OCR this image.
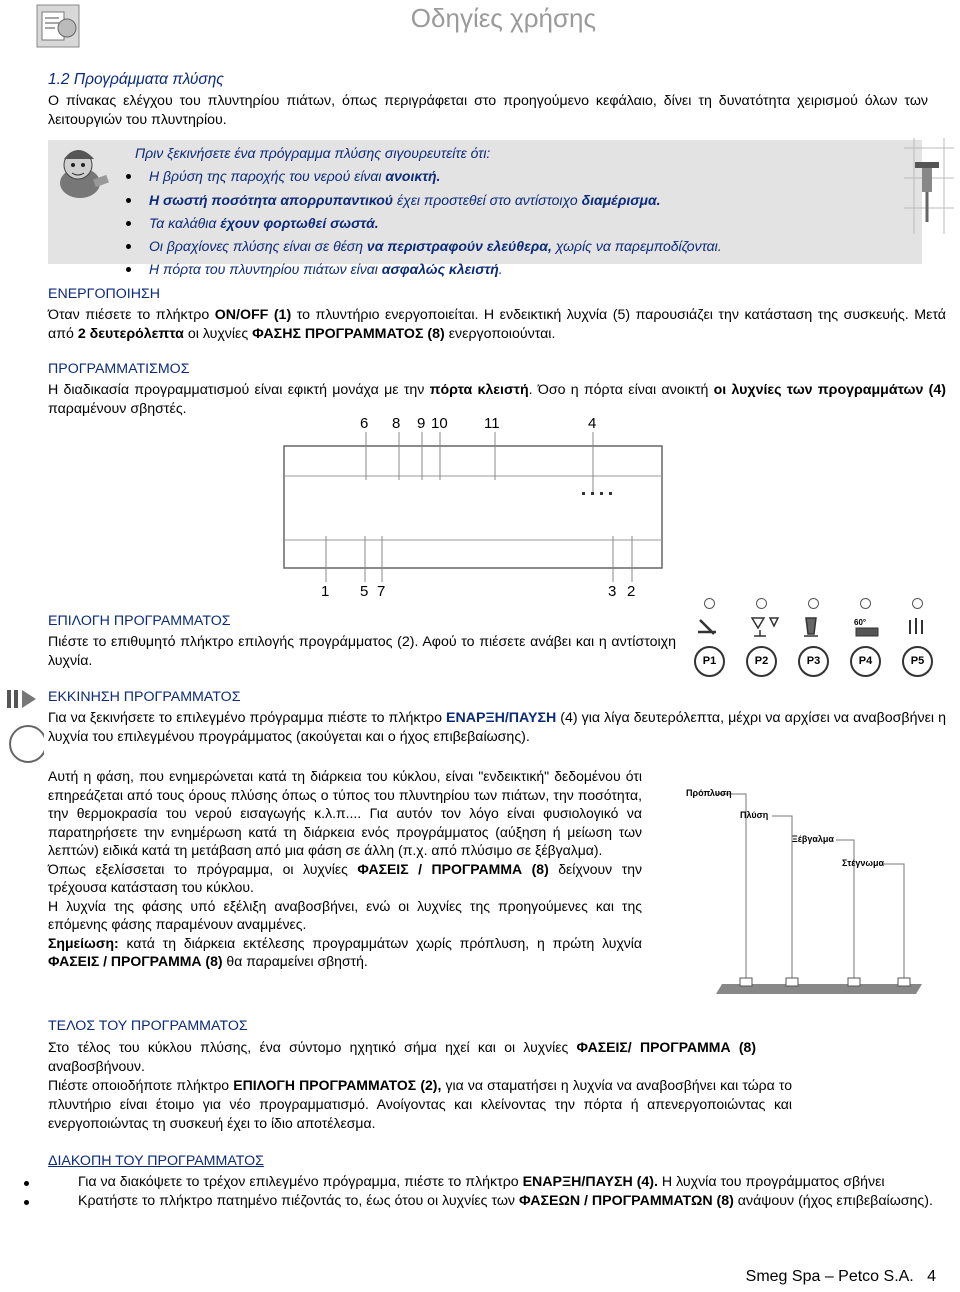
Οδηγίες χρήσης
1.2 Προγράμματα πλύσης

Ο πίνακας ελέγχου του πλυντηρίου πιάτων, όπως περιγράφεται στο προηγούμενο κεφάλαιο, δίνει τη δυνατότητα χειρισμού όλων των λειτουργιών του πλυντηρίου.

Πριν ξεκινήσετε ένα πρόγραμμα πλύσης σιγουρευτείτε ότι:
Η βρύση της παροχής του νερού είναι ανοικτή.
Η σωστή ποσότητα απορρυπαντικού έχει προστεθεί στο αντίστοιχο διαμέρισμα.
Τα καλάθια έχουν φορτωθεί σωστά.
Οι βραχίονες πλύσης είναι σε θέση να περιστραφούν ελεύθερα, χωρίς να παρεμποδίζονται.
Η πόρτα του πλυντηρίου πιάτων είναι ασφαλώς κλειστή.
ΕΝΕΡΓΟΠΟΙΗΣΗ

Όταν πιέσετε το πλήκτρο ON/OFF (1) το πλυντήριο ενεργοποιείται. Η ενδεικτική λυχνία (5) παρουσιάζει την κατάσταση της συσκευής. Μετά από 2 δευτερόλεπτα οι λυχνίες ΦΑΣΗΣ ΠΡΟΓΡΑΜΜΑΤΟΣ (8) ενεργοποιούνται.

ΠΡΟΓΡΑΜΜΑΤΙΣΜΟΣ

Η διαδικασία προγραμματισμού είναι εφικτή μονάχα με την πόρτα κλειστή. Όσο η πόρτα είναι ανοικτή οι λυχνίες των προγραμμάτων (4) παραμένουν σβηστές.

6 8 9 10 11	4
1 5 7	3 2
ΕΠΙΛΟΓΗ ΠΡΟΓΡΑΜΜΑΤΟΣ

Πιέστε το επιθυμητό πλήκτρο επιλογής προγράμματος (2). Αφού το πιέσετε ανάβει και η αντίστοιχη λυχνία.

60°
P1	P2	P3	P4	P5
ΕΚΚΙΝΗΣΗ ΠΡΟΓΡΑΜΜΑΤΟΣ

Για να ξεκινήσετε το επιλεγμένο πρόγραμμα πιέστε το πλήκτρο ΕΝΑΡΞΗ/ΠΑΥΣΗ (4) για λίγα δευτερόλεπτα, μέχρι να αρχίσει να αναβοσβήνει η λυχνία του επιλεγμένου προγράμματος (ακούγεται και ο ήχος επιβεβαίωσης).

Αυτή η φάση, που ενημερώνεται κατά τη διάρκεια του κύκλου, είναι "ενδεικτική" δεδομένου ότι επηρεάζεται από τους όρους πλύσης όπως ο τύπος του πλυντηρίου των πιάτων, την ποσότητα, την θερμοκρασία του νερού εισαγωγής κ.λ.π.... Για αυτόν τον λόγο είναι φυσιολογικό να παρατηρήσετε την ενημέρωση κατά τη διάρκεια ενός προγράμματος (αύξηση ή μείωση των λεπτών) ειδικά κατά τη μετάβαση από μια φάση σε άλλη (π.χ. από πλύσιμο σε ξέβγαλμα).

Όπως εξελίσσεται το πρόγραμμα, οι λυχνίες ΦΑΣΕΙΣ / ΠΡΟΓΡΑΜΜΑ (8) δείχνουν την τρέχουσα κατάσταση του κύκλου.

Η λυχνία της φάσης υπό εξέλιξη αναβοσβήνει, ενώ οι λυχνίες της προηγούμενες και της επόμενης φάσης παραμένουν αναμμένες.

Σημείωση: κατά τη διάρκεια εκτέλεσης προγραμμάτων χωρίς πρόπλυση, η πρώτη λυχνία ΦΑΣΕΙΣ / ΠΡΟΓΡΑΜΜΑ (8) θα παραμείνει σβηστή.

Πρόπλυση
Πλύση
Ξέβγαλμα
Στέγνωμα
ΤΕΛΟΣ ΤΟΥ ΠΡΟΓΡΑΜΜΑΤΟΣ

Στο τέλος του κύκλου πλύσης, ένα σύντομο ηχητικό σήμα ηχεί και οι λυχνίες ΦΑΣΕΙΣ/ ΠΡΟΓΡΑΜΜΑ (8) αναβοσβήνουν.

Πιέστε οποιοδήποτε πλήκτρο ΕΠΙΛΟΓΗ ΠΡΟΓΡΑΜΜΑΤΟΣ (2), για να σταματήσει η λυχνία να αναβοσβήνει και τώρα το πλυντήριο είναι έτοιμο για νέο προγραμματισμό. Ανοίγοντας και κλείνοντας την πόρτα ή απενεργοποιώντας και ενεργοποιώντας τη συσκευή έχει το ίδιο αποτέλεσμα.

ΔΙΑΚΟΠΗ ΤΟΥ ΠΡΟΓΡΑΜΜΑΤΟΣ
Για να διακόψετε το τρέχον επιλεγμένο πρόγραμμα, πιέστε το πλήκτρο ΕΝΑΡΞΗ/ΠΑΥΣΗ (4). Η λυχνία του προγράμματος σβήνει
Κρατήστε το πλήκτρο πατημένο πιέζοντάς το, έως ότου οι λυχνίες των ΦΑΣΕΩΝ / ΠΡΟΓΡΑΜΜΑΤΩΝ (8) ανάψουν (ήχος επιβεβαίωσης).
Smeg Spa – Petco S.A. 4
